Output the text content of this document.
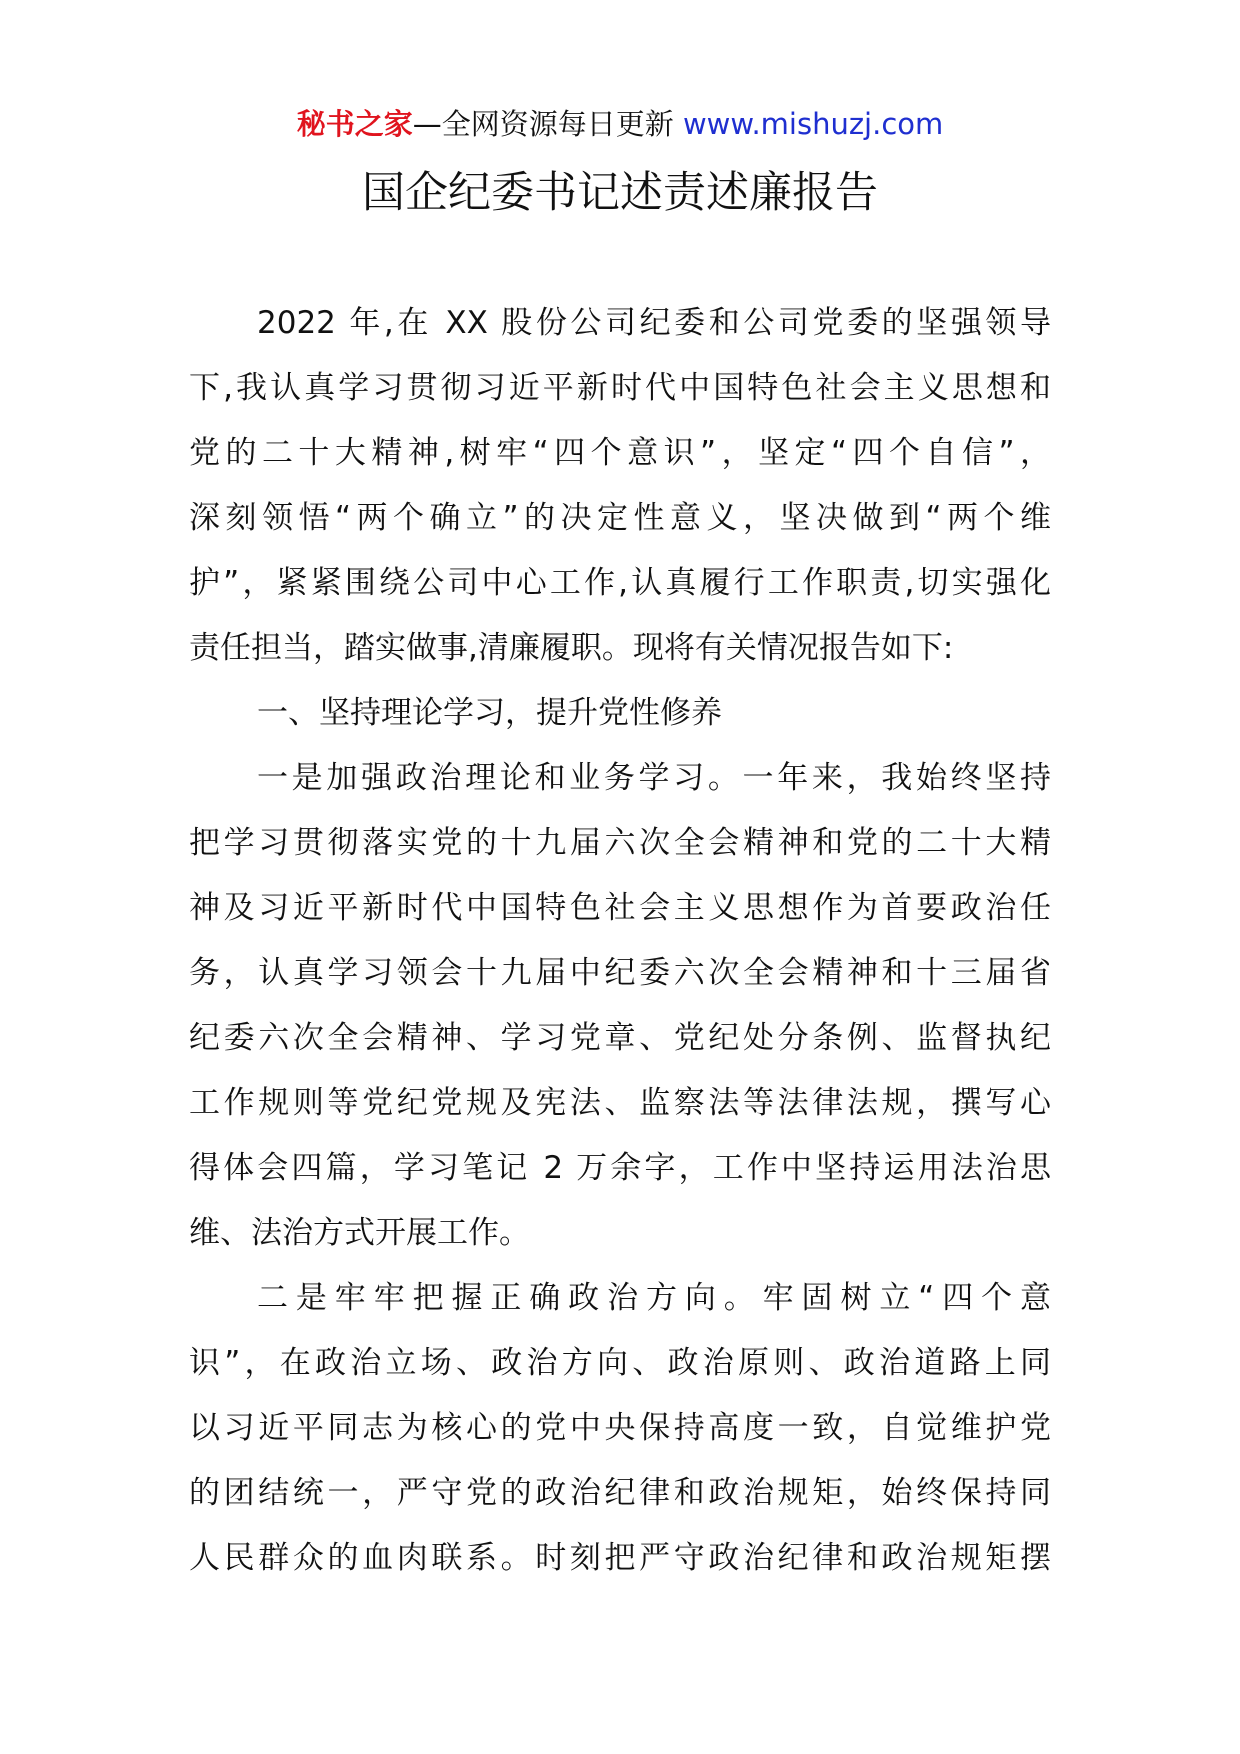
秘书之家—全网资源每日更新 www.mishuzj.com
国企纪委书记述责述廉报告
2022 年,在 XX 股份公司纪委和公司党委的坚强领导
下,我认真学习贯彻习近平新时代中国特色社会主义思想和
党的二十大精神,树牢“四个意识”，坚定“四个自信”，
深刻领悟“两个确立”的决定性意义，坚决做到“两个维
护”，紧紧围绕公司中心工作,认真履行工作职责,切实强化
责任担当，踏实做事,清廉履职。现将有关情况报告如下:
一、坚持理论学习，提升党性修养
一是加强政治理论和业务学习。一年来，我始终坚持
把学习贯彻落实党的十九届六次全会精神和党的二十大精
神及习近平新时代中国特色社会主义思想作为首要政治任
务，认真学习领会十九届中纪委六次全会精神和十三届省
纪委六次全会精神、学习党章、党纪处分条例、监督执纪
工作规则等党纪党规及宪法、监察法等法律法规，撰写心
得体会四篇，学习笔记 2 万余字，工作中坚持运用法治思
维、法治方式开展工作。
二是牢牢把握正确政治方向。牢固树立“四个意
识”，在政治立场、政治方向、政治原则、政治道路上同
以习近平同志为核心的党中央保持高度一致，自觉维护党
的团结统一，严守党的政治纪律和政治规矩，始终保持同
人民群众的血肉联系。时刻把严守政治纪律和政治规矩摆
